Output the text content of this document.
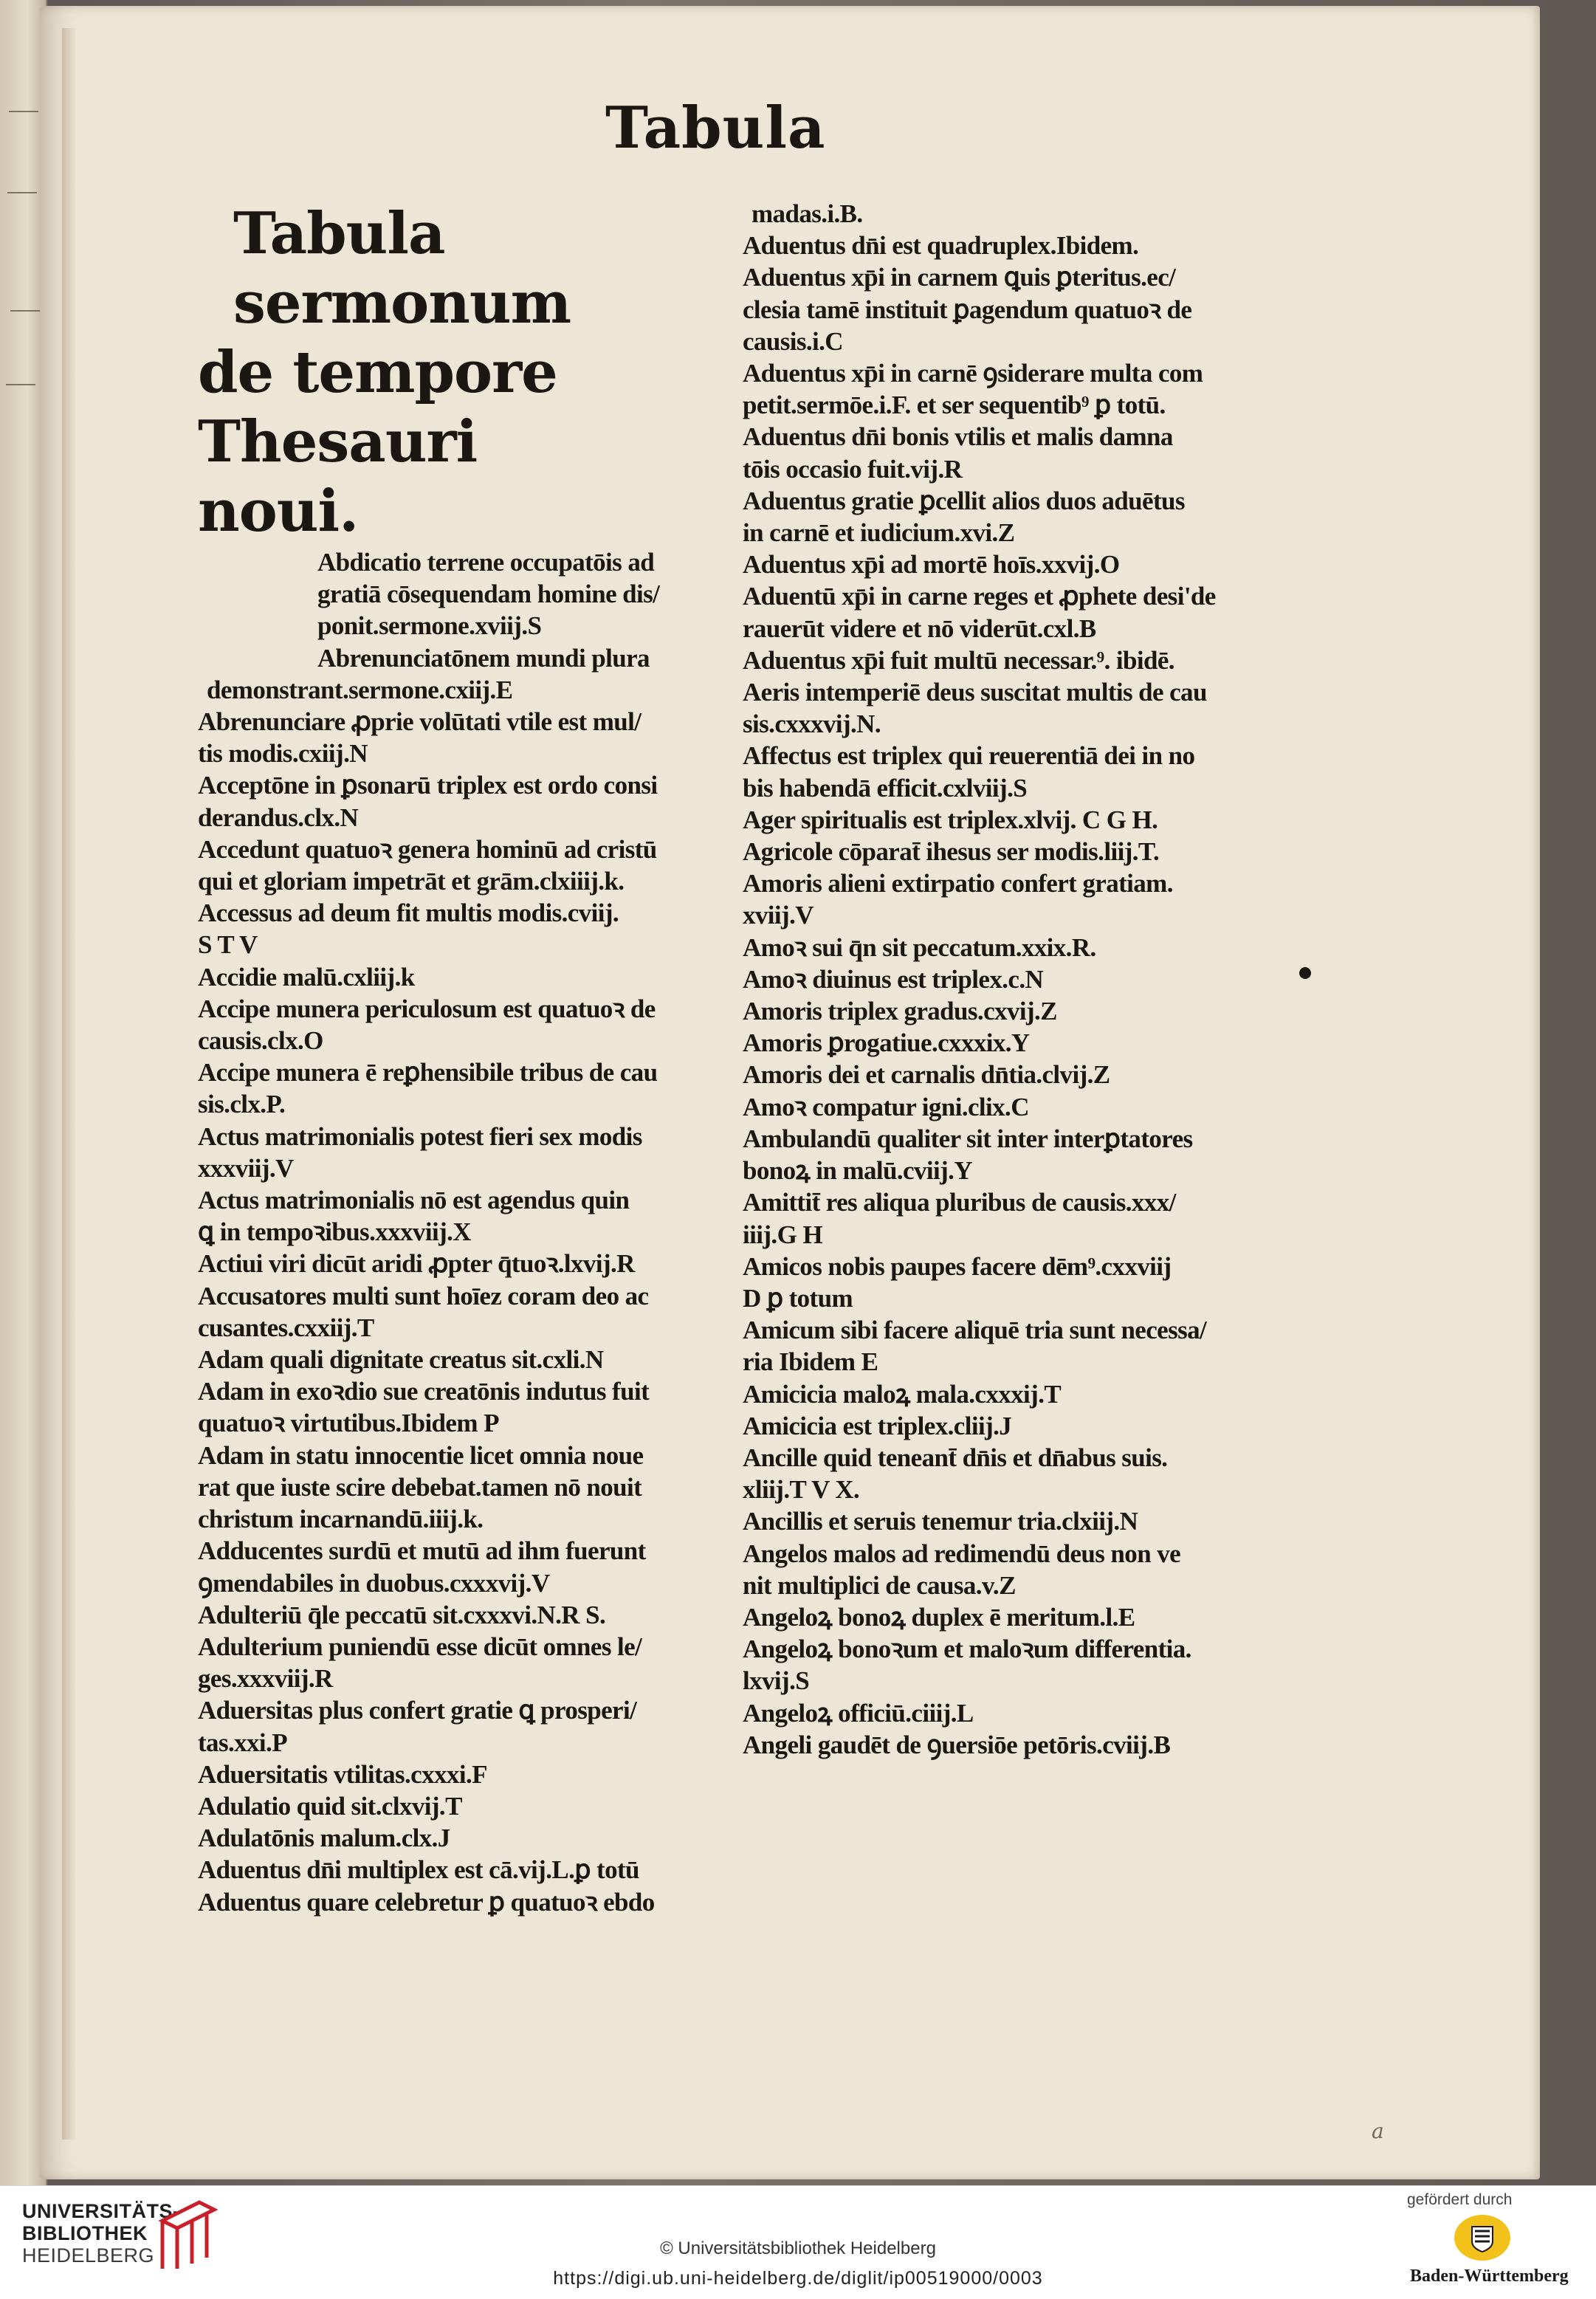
Tabula
Tabula sermonum
de tempore Thesauri
noui.
Abdicatio terrene occupatōis ad
gratiā cōsequendam homine dis/
ponit.sermone.xviij.S
Abrenunciatōnem mundi plura
demonstrant.sermone.cxiij.E
Abrenunciare ꝓprie volūtati vtile est mul/
tis modis.cxiij.N
Acceptōne in ꝑsonarū triplex est ordo consi
derandus.clx.N
Accedunt quatuoꝛ genera hominū ad cristū
qui et gloriam impetrāt et grām.clxiiij.k.
Accessus ad deum fit multis modis.cviij.
S T V
Accidie malū.cxliij.k
Accipe munera periculosum est quatuoꝛ de
causis.clx.O
Accipe munera ē reꝑhensibile tribus de cau
sis.clx.P.
Actus matrimonialis potest fieri sex modis
xxxviij.V
Actus matrimonialis nō est agendus quin
ꝗ in tempoꝛibus.xxxviij.X
Actiui viri dicūt aridi ꝓpter q̄tuoꝛ.lxvij.R
Accusatores multi sunt hoīez coram deo ac
cusantes.cxxiij.T
Adam quali dignitate creatus sit.cxli.N
Adam in exoꝛdio sue creatōnis indutus fuit
quatuoꝛ virtutibus.Ibidem P
Adam in statu innocentie licet omnia noue
rat que iuste scire debebat.tamen nō nouit
christum incarnandū.iiij.k.
Adducentes surdū et mutū ad ihm fuerunt
ꝯmendabiles in duobus.cxxxvij.V
Adulteriū q̄le peccatū sit.cxxxvi.N.R S.
Adulterium puniendū esse dicūt omnes le/
ges.xxxviij.R
Aduersitas plus confert gratie ꝗ prosperi/
tas.xxi.P
Aduersitatis vtilitas.cxxxi.F
Adulatio quid sit.clxvij.T
Adulatōnis malum.clx.J
Aduentus dn̄i multiplex est cā.vij.L.ꝑ totū
Aduentus quare celebretur ꝑ quatuoꝛ ebdo
madas.i.B.
Aduentus dn̄i est quadruplex.Ibidem.
Aduentus xp̄i in carnem ꝗuis ꝑteritus.ec/
clesia tamē instituit ꝑagendum quatuoꝛ de
causis.i.C
Aduentus xp̄i in carnē ꝯsiderare multa com
petit.sermōe.i.F. et ser sequentib⁹ ꝑ totū.
Aduentus dn̄i bonis vtilis et malis damna
tōis occasio fuit.vij.R
Aduentus gratie ꝑcellit alios duos aduētus
in carnē et iudicium.xvi.Z
Aduentus xp̄i ad mortē hoīs.xxvij.O
Aduentū xp̄i in carne reges et ꝓphete desi'de
rauerūt videre et nō viderūt.cxl.B
Aduentus xp̄i fuit multū necessar.⁹. ibidē.
Aeris intemperiē deus suscitat multis de cau
sis.cxxxvij.N.
Affectus est triplex qui reuerentiā dei in no
bis habendā efficit.cxlviij.S
Ager spiritualis est triplex.xlvij. C G H.
Agricole cōparat̄ ihesus ser modis.liij.T.
Amoris alieni extirpatio confert gratiam.
xviij.V
Amoꝛ sui q̄n sit peccatum.xxix.R.
Amoꝛ diuinus est triplex.c.N
Amoris triplex gradus.cxvij.Z
Amoris ꝑrogatiue.cxxxix.Y
Amoris dei et carnalis dn̄tia.clvij.Z
Amoꝛ compatur igni.clix.C
Ambulandū qualiter sit inter interꝑtatores
bonoꝝ in malū.cviij.Y
Amittit̄ res aliqua pluribus de causis.xxx/
iiij.G H
Amicos nobis paupes facere dēm⁹.cxxviij
D ꝑ totum
Amicum sibi facere aliquē tria sunt necessa/
ria Ibidem E
Amicicia maloꝝ mala.cxxxij.T
Amicicia est triplex.cliij.J
Ancille quid teneant̄ dn̄is et dn̄abus suis.
xliij.T V X.
Ancillis et seruis tenemur tria.clxiij.N
Angelos malos ad redimendū deus non ve
nit multiplici de causa.v.Z
Angeloꝝ bonoꝝ duplex ē meritum.l.E
Angeloꝝ bonoꝛum et maloꝛum differentia.
lxvij.S
Angeloꝝ officiū.ciiij.L
Angeli gaudēt de ꝯuersiōe petōris.cviij.B
a
UNIVERSITÄTS-
BIBLIOTHEK
HEIDELBERG	© Universitätsbibliothek Heidelberg
https://digi.ub.uni-heidelberg.de/diglit/ip00519000/0003
gefördert durch
Baden-Württemberg
